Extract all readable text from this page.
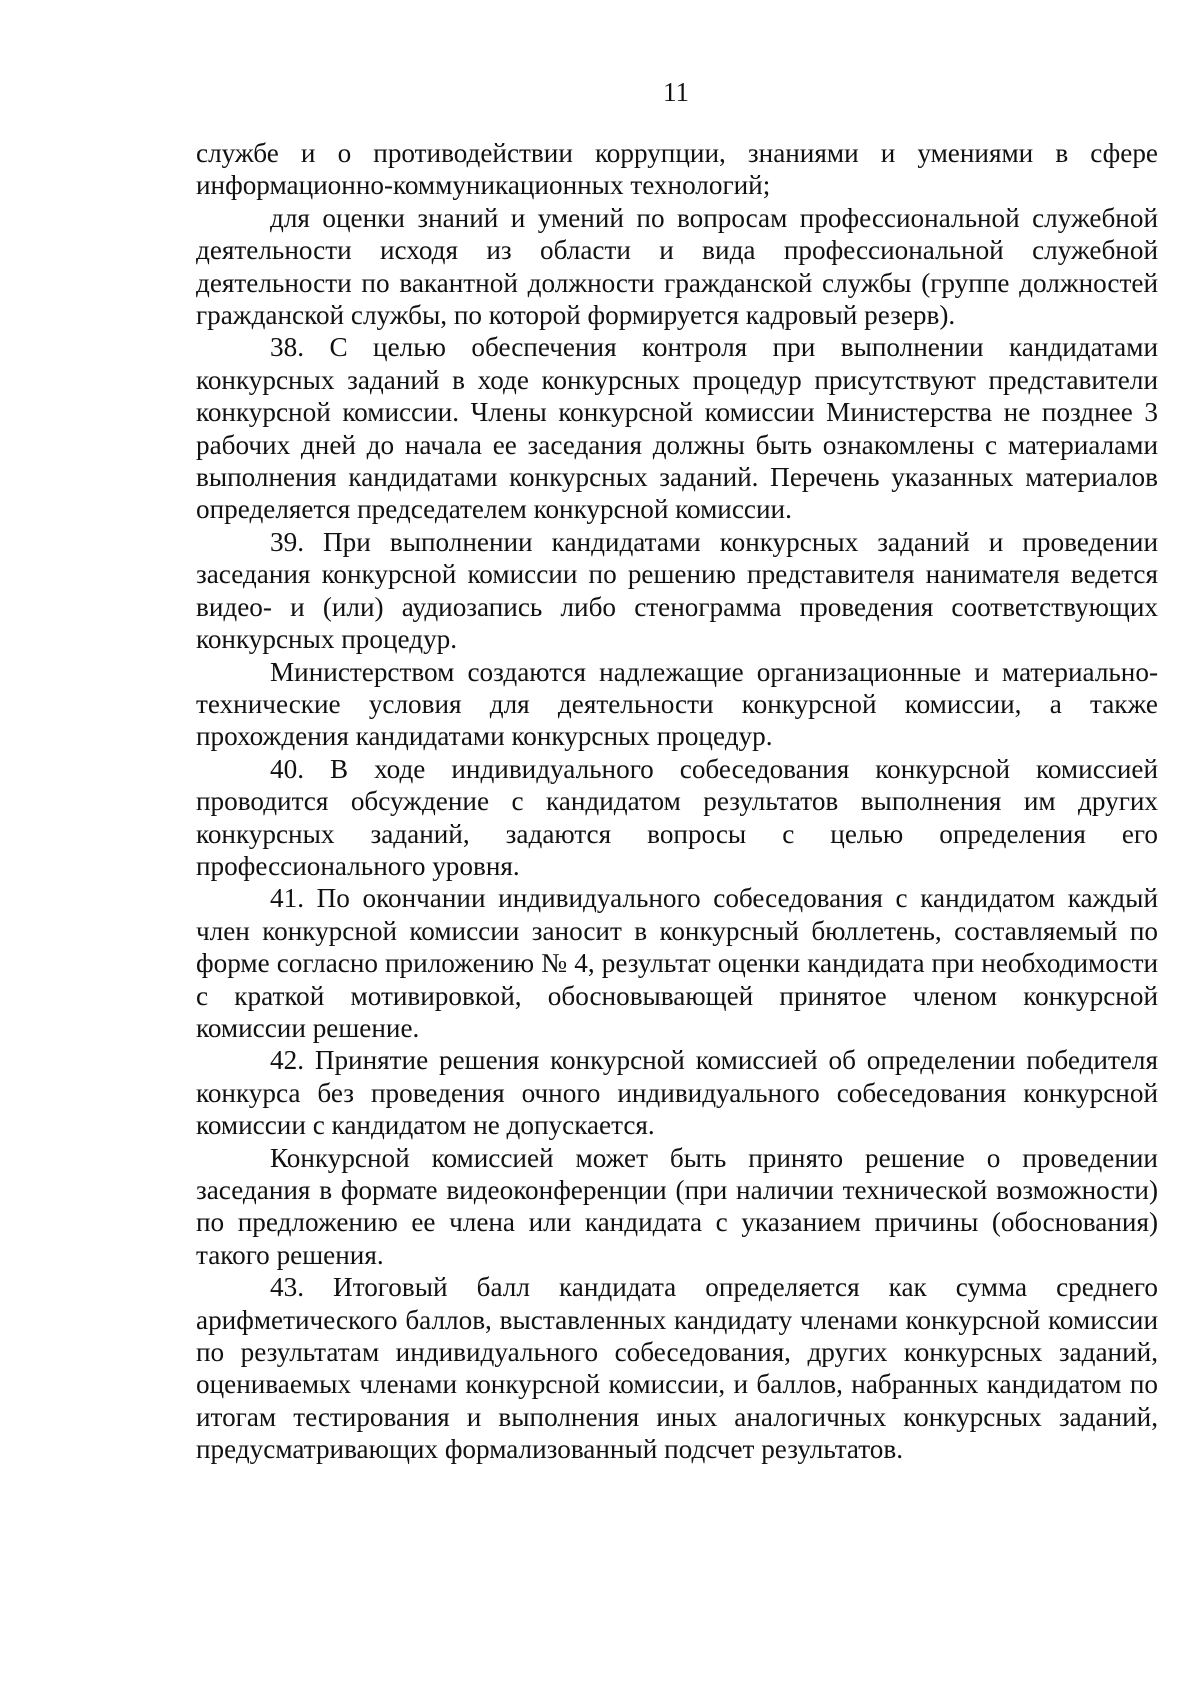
11

службе и о противодействии коррупции, знаниями и умениями в сфере информационно-коммуникационных технологий;

для оценки знаний и умений по вопросам профессиональной служебной деятельности исходя из области и вида профессиональной служебной деятельности по вакантной должности гражданской службы (группе должностей гражданской службы, по которой формируется кадровый резерв).

38. С целью обеспечения контроля при выполнении кандидатами конкурсных заданий в ходе конкурсных процедур присутствуют представители конкурсной комиссии. Члены конкурсной комиссии Министерства не позднее 3 рабочих дней до начала ее заседания должны быть ознакомлены с материалами выполнения кандидатами конкурсных заданий. Перечень указанных материалов определяется председателем конкурсной комиссии.

39. При выполнении кандидатами конкурсных заданий и проведении заседания конкурсной комиссии по решению представителя нанимателя ведется видео- и (или) аудиозапись либо стенограмма проведения соответствующих конкурсных процедур.

Министерством создаются надлежащие организационные и материально-технические условия для деятельности конкурсной комиссии, а также прохождения кандидатами конкурсных процедур.

40. В ходе индивидуального собеседования конкурсной комиссией проводится обсуждение с кандидатом результатов выполнения им других конкурсных заданий, задаются вопросы с целью определения его профессионального уровня.

41. По окончании индивидуального собеседования с кандидатом каждый член конкурсной комиссии заносит в конкурсный бюллетень, составляемый по форме согласно приложению № 4, результат оценки кандидата при необходимости с краткой мотивировкой, обосновывающей принятое членом конкурсной комиссии решение.

42. Принятие решения конкурсной комиссией об определении победителя конкурса без проведения очного индивидуального собеседования конкурсной комиссии с кандидатом не допускается.

Конкурсной комиссией может быть принято решение о проведении заседания в формате видеоконференции (при наличии технической возможности) по предложению ее члена или кандидата с указанием причины (обоснования) такого решения.

43. Итоговый балл кандидата определяется как сумма среднего арифметического баллов, выставленных кандидату членами конкурсной комиссии по результатам индивидуального собеседования, других конкурсных заданий, оцениваемых членами конкурсной комиссии, и баллов, набранных кандидатом по итогам тестирования и выполнения иных аналогичных конкурсных заданий, предусматривающих формализованный подсчет результатов.
